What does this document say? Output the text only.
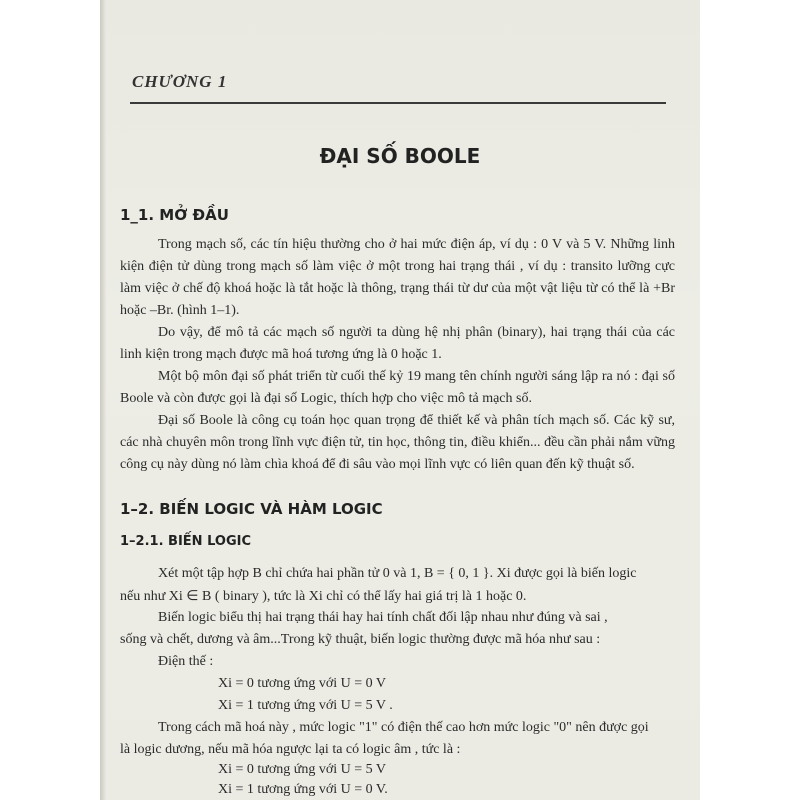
CHƯƠNG 1
ĐẠI SỐ BOOLE
1_1. MỞ ĐẦU
Trong mạch số, các tín hiệu thường cho ở hai mức điện áp, ví dụ : 0 V và 5 V. Những linh kiện điện tử dùng trong mạch số làm việc ở một trong hai trạng thái , ví dụ : transito lưỡng cực làm việc ở chế độ khoá hoặc là tắt hoặc là thông, trạng thái từ dư của một vật liệu từ có thể là +Br hoặc –Br. (hình 1–1).
Do vậy, để mô tả các mạch số người ta dùng hệ nhị phân (binary), hai trạng thái của các linh kiện trong mạch được mã hoá tương ứng là 0 hoặc 1.
Một bộ môn đại số phát triển từ cuối thế kỷ 19 mang tên chính người sáng lập ra nó : đại số Boole và còn được gọi là đại số Logic, thích hợp cho việc mô tả mạch số.
Đại số Boole là công cụ toán học quan trọng để thiết kế và phân tích mạch số. Các kỹ sư, các nhà chuyên môn trong lĩnh vực điện tử, tin học, thông tin, điều khiển... đều cần phải nắm vững công cụ này dùng nó làm chìa khoá để đi sâu vào mọi lĩnh vực có liên quan đến kỹ thuật số.
1–2. BIẾN LOGIC VÀ HÀM LOGIC
1–2.1. BIẾN LOGIC
Xét một tập hợp B chỉ chứa hai phần tử 0 và 1, B = { 0, 1 }. Xi được gọi là biến logic
nếu như Xi ∈ B ( binary ), tức là Xi chỉ có thể lấy hai giá trị là 1 hoặc 0.
Biến logic biểu thị hai trạng thái hay hai tính chất đối lập nhau như đúng và sai ,
sống và chết, dương và âm...Trong kỹ thuật, biến logic thường được mã hóa như sau :
Điện thế :
Xi = 0 tương ứng với U = 0 V
Xi = 1 tương ứng với U = 5 V .
Trong cách mã hoá này , mức logic "1" có điện thế cao hơn mức logic "0" nên được gọi
là logic dương, nếu mã hóa ngược lại ta có logic âm , tức là :
Xi = 0 tương ứng với U = 5 V
Xi = 1 tương ứng với U = 0 V.
